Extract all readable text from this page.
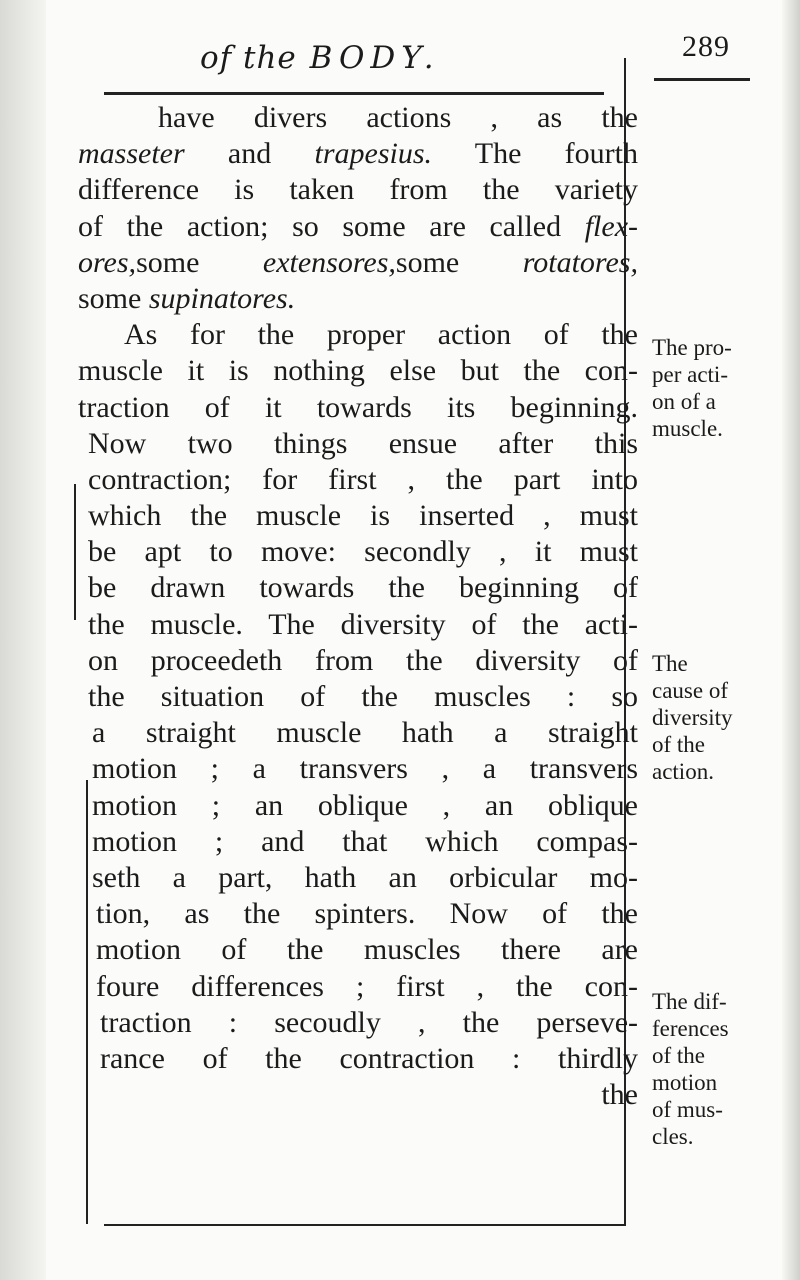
of the BODY.	289
have divers actions , as the
masseter and trapesius. The fourth
difference is taken from the variety
of the action; so some are called flex-
ores,some extensores,some rotatores,
some supinatores.
As for the proper action of the
muscle it is nothing else but the con-
traction of it towards its beginning.
Now two things ensue after this
contraction; for first , the part into
which the muscle is inserted , must
be apt to move: secondly , it must
be drawn towards the beginning of
the muscle. The diversity of the acti-
on proceedeth from the diversity of
the situation of the muscles : so
a straight muscle hath a straight
motion ; a transvers , a transvers
motion ; an oblique , an oblique
motion ; and that which compas-
seth a part, hath an orbicular mo-
tion, as the spinters. Now of the
motion of the muscles there are
foure differences ; first , the con-
traction : secoudly , the perseve-
rance of the contraction : thirdly
the
The pro-
per acti-
on of a
muscle.
The
cause of
diversity
of the
action.
The dif-
ferences
of the
motion
of mus-
cles.
